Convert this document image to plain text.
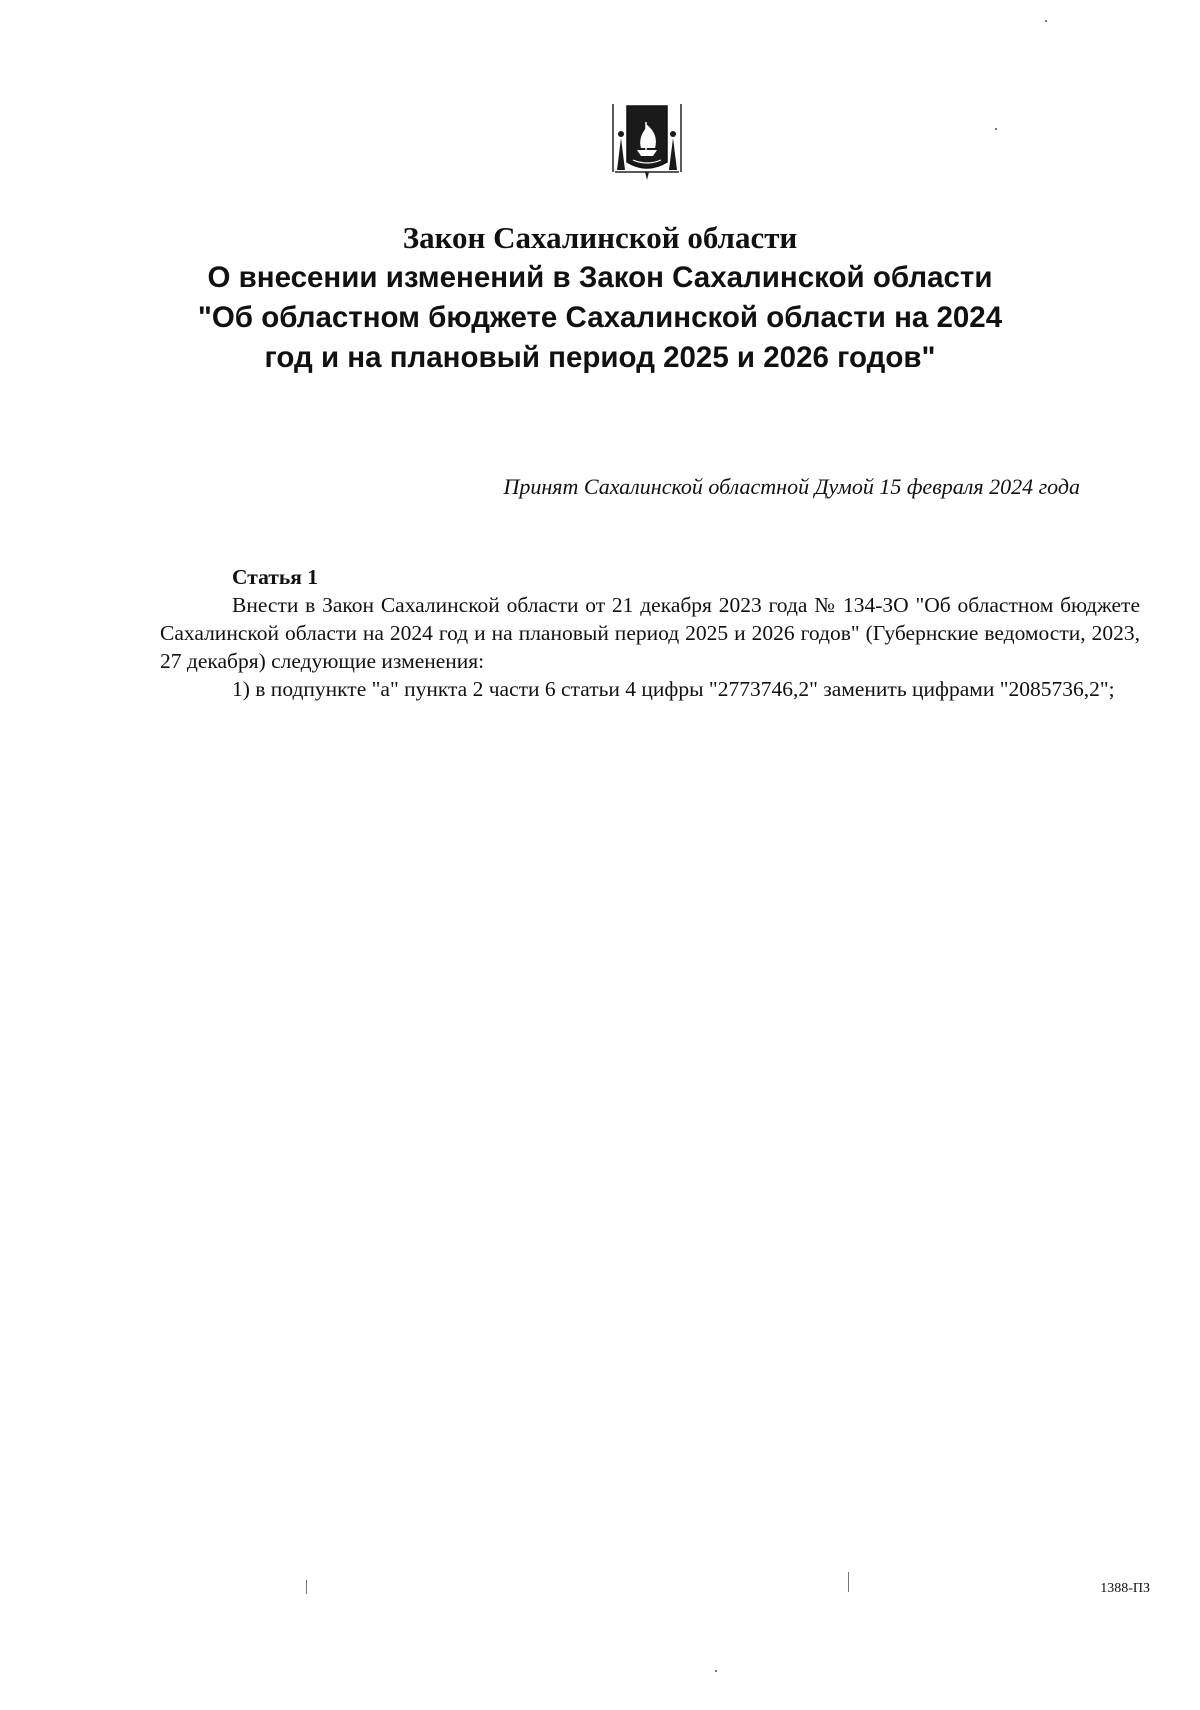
Закон Сахалинской области

О внесении изменений в Закон Сахалинской области "Об областном бюджете Сахалинской области на 2024 год и на плановый период 2025 и 2026 годов"

Принят Сахалинской областной Думой 15 февраля 2024 года

Статья 1

Внести в Закон Сахалинской области от 21 декабря 2023 года № 134-ЗО "Об областном бюджете Сахалинской области на 2024 год и на плановый период 2025 и 2026 годов" (Губернские ведомости, 2023, 27 декабря) следующие изменения:

1) в подпункте "а" пункта 2 части 6 статьи 4 цифры "2773746,2" заменить цифрами "2085736,2";

1388-ПЗ
